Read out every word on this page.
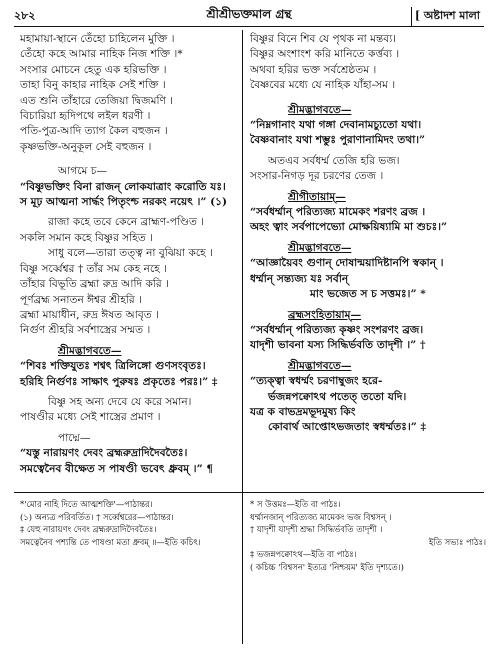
২৮২	শ্রীশ্রীভক্তমাল গ্রন্থ	[ অষ্টাদশ মালা
মহামায়া-স্থানে তেঁহো চাহিলেন মুক্তি ।
তেঁহো কহে আমার নাহিক নিজ শক্তি ।*
সংসার মোচনে হেতু এক হরিভক্তি ।
তাহা বিনু কাহার নাহিক সেই শক্তি ।
এত শুনি তাঁহারে তেজিয়া দ্বিজমণি ।
বিচারিয়া হৃদিপথে লইল ধরণী ।
পতি-পুত্র-আদি ত্যাগ কৈল বহুজন ।
কৃষ্ণভক্তি-অনুকূল সেই বহুজন ।
আগমে চ—
“বিষ্ণুভক্তিং বিনা রাজন্ লোকযাত্রাং করোতি যঃ।
স মূঢ় আত্মনা সার্দ্ধং পিতৃংশ্চ নরকং নয়েৎ ।” (১)
রাজা কহে তবে কেনে ব্রাহ্মণ-পণ্ডিত ।
সকলি সমান কহে বিষ্ণুর সহিত ।
সাধু বলে—তারা তত্ত্ব না বুঝিয়া কহে ।
বিষ্ণু সর্ব্বেশ্বর † তাঁর সম কেহ নহে ।
তাঁহার বিভূতি ব্রহ্মা রুদ্র আদি করি ।
পূর্ণব্রহ্ম সনাতন ঈশ্বর শ্রীহরি ।
ব্রহ্মা মায়াধীন, রুদ্র ঈষত আবৃত ।
নির্গুণ শ্রীহরি সর্বশাস্ত্রের সম্মত ।
শ্রীমদ্ভাগবতে—
“শিবঃ শক্তিযুতঃ শশ্বৎ ত্রিলিঙ্গো গুণসংবৃতঃ।
হরিহি নির্গুণঃ সাক্ষাৎ পুরুষঃ প্রকৃতেঃ পরঃ।” ‡
বিষ্ণু সহ অন্য দেবে যে করে সমান।
পাষণ্ডীর মধ্যে সেই শাস্ত্রের প্রমাণ ।
পাদ্মে—
“যস্তু নারায়ণং দেবং ব্রহ্মরুদ্রাদিদৈবতৈঃ।
সমত্বেনৈব বীক্ষেত স পাষণ্ডী ভবেৎ ধ্রুবম্ ।” ¶
বিষ্ণুর বিনে শিব যে পৃথক না মন্তব্য।
বিষ্ণুর অংশাংশ করি মানিতে কর্ত্তব্য ।
অথবা হরির ভক্ত সর্বশ্রেষ্ঠতম ।
বৈষ্ণবের মধ্যে যে নাহিক যাঁহা-সম ।
শ্রীমদ্ভাগবতে—
“নিম্নগানাং যথা গঙ্গা দেবানামচ্যুতো যথা।
বৈষ্ণবানাং যথা শম্ভুঃ পুরাণানামিদং তথা।”
অতএব সর্বধর্ম্ম তেজি হরি ভজ।
সংসার-নিগড় দূর চরণের তেজ ।
শ্রীগীতায়াম্—
“সর্বধর্ম্মান্ পরিত্যজ্য মামেকং শরণং ব্রজ ।
অহং ত্বাং সর্বপাপেভ্যো মোক্ষয়িষ্যামি মা শুচঃ।”
শ্রীমদ্ভাগবতে—
“আজ্ঞায়ৈবং গুণান্ দোষান্ময়াদিষ্টানপি স্বকান্ ।
ধর্ম্মান্ সন্ত্যজ্য যঃ সর্বান্
মাং ভজেত স চ সত্তমঃ।” *
ব্রহ্মসংহিতায়াম্—
“সর্বধর্ম্মান্ পরিত্যজ্য কৃষ্ণং সংশরণং ব্রজ।
যাদৃশী ভাবনা যস্য সিদ্ধির্ভবতি তাদৃশী ।” †
শ্রীমদ্ভাগবতে—
“ত্যক্ত্বা স্বধর্ম্মং চরণাম্বুজং হরে-
র্ভজন্নপক্বোঽথ পতেত্ ততো যদি।
যত্র ক বাভদ্রমভূদমুষ্য কিং
কোবার্থ আপ্তোঽভজতাং স্বধর্ম্মতঃ।” ‡
*'মোর নাহি দিতে আত্মশক্তি'—পাঠান্তর।
(১) অন্যত্র পরিবর্তিত। † সর্ব্বেশ্বরের—পাঠান্তর।
‡ যেহু নারায়ণং দেবং ব্রহ্মরুদ্রাদিদৈবতৈঃ।
সমত্বেনৈব পশ্যন্তি তে পাষণ্ডা মতা ধ্রুবম্ ॥—ইতি কচিৎ।
* স উত্তমঃ—ইতি বা পাঠঃ।
ধর্ম্মানজান্ পরিত্যজ্য মামেকং ভজ বিশ্বসন্ ।
† যাদৃশী যাদৃশী শ্রদ্ধা সিদ্ধির্ভবতি তাদৃশী ।
ইতি সভ্যঃ পাঠঃ।
‡ ভজন্নপক্বোঽথ—ইতি বা পাঠঃ।
( কচিচ্চ 'বিশ্বসন' ইত্যত্র 'নিশ্চয়ম' ইতি দৃশ্যতে।)
